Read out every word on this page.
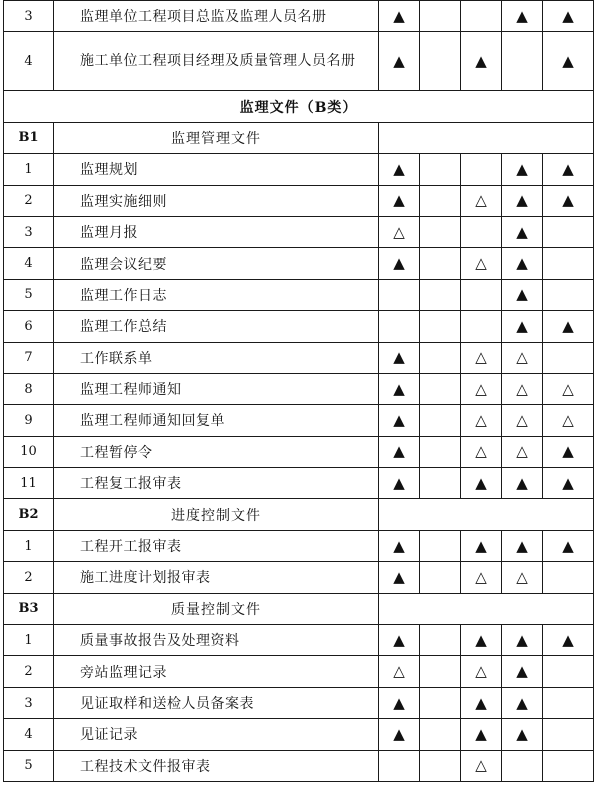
3	监理单位工程项目总监及监理人员名册	▲			▲	▲
4	施工单位工程项目经理及质量管理人员名册	▲		▲		▲
监理文件（B类）						
B1	监理管理文件					
1	监理规划	▲			▲	▲
2	监理实施细则	▲		△	▲	▲
3	监理月报	△			▲	
4	监理会议纪要	▲		△	▲	
5	监理工作日志				▲	
6	监理工作总结				▲	▲
7	工作联系单	▲		△	△	
8	监理工程师通知	▲		△	△	△
9	监理工程师通知回复单	▲		△	△	△
10	工程暂停令	▲		△	△	▲
11	工程复工报审表	▲		▲	▲	▲
B2	进度控制文件					
1	工程开工报审表	▲		▲	▲	▲
2	施工进度计划报审表	▲		△	△	
B3	质量控制文件					
1	质量事故报告及处理资料	▲		▲	▲	▲
2	旁站监理记录	△		△	▲	
3	见证取样和送检人员备案表	▲		▲	▲	
4	见证记录	▲		▲	▲	
5	工程技术文件报审表			△		
